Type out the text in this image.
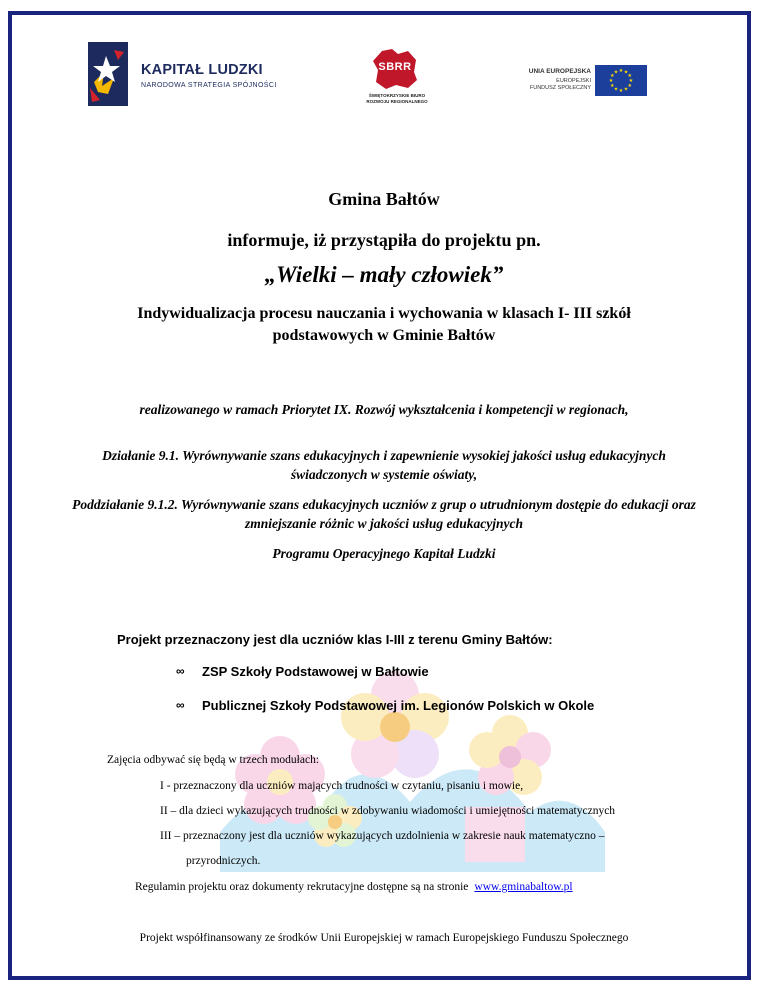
KAPITAŁ LUDZKI
NARODOWA STRATEGIA SPÓJNOŚCI
SBRR
ŚWIĘTOKRZYSKIE BIURO
ROZWOJU REGIONALNEGO
UNIA EUROPEJSKA
EUROPEJSKI
FUNDUSZ SPOŁECZNY
★ ★
★
★
★
★
★
★
★
★
★
★
Gmina Bałtów
informuje, iż przystąpiła do projektu pn.
„Wielki – mały człowiek”
Indywidualizacja procesu nauczania i wychowania w klasach I- III szkół podstawowych w Gminie Bałtów
realizowanego w ramach Priorytet IX. Rozwój wykształcenia i kompetencji w regionach,
Działanie 9.1. Wyrównywanie szans edukacyjnych i zapewnienie wysokiej jakości usług edukacyjnych świadczonych w systemie oświaty,
Poddziałanie 9.1.2. Wyrównywanie szans edukacyjnych uczniów z grup o utrudnionym dostępie do edukacji oraz zmniejszanie różnic w jakości usług edukacyjnych
Programu Operacyjnego Kapitał Ludzki
Projekt przeznaczony jest dla uczniów klas I-III z terenu Gminy Bałtów:
∞ ZSP Szkoły Podstawowej w Bałtowie
∞ Publicznej Szkoły Podstawowej im. Legionów Polskich w Okole
Zajęcia odbywać się będą w trzech modułach:
I - przeznaczony dla uczniów mających trudności w czytaniu, pisaniu i mowie,
II – dla dzieci wykazujących trudności w zdobywaniu wiadomości i umiejętności matematycznych
III – przeznaczony jest dla uczniów wykazujących uzdolnienia w zakresie nauk matematyczno –
przyrodniczych.
Regulamin projektu oraz dokumenty rekrutacyjne dostępne są na stronie www.gminabaltow.pl
Projekt współfinansowany ze środków Unii Europejskiej w ramach Europejskiego Funduszu Społecznego
